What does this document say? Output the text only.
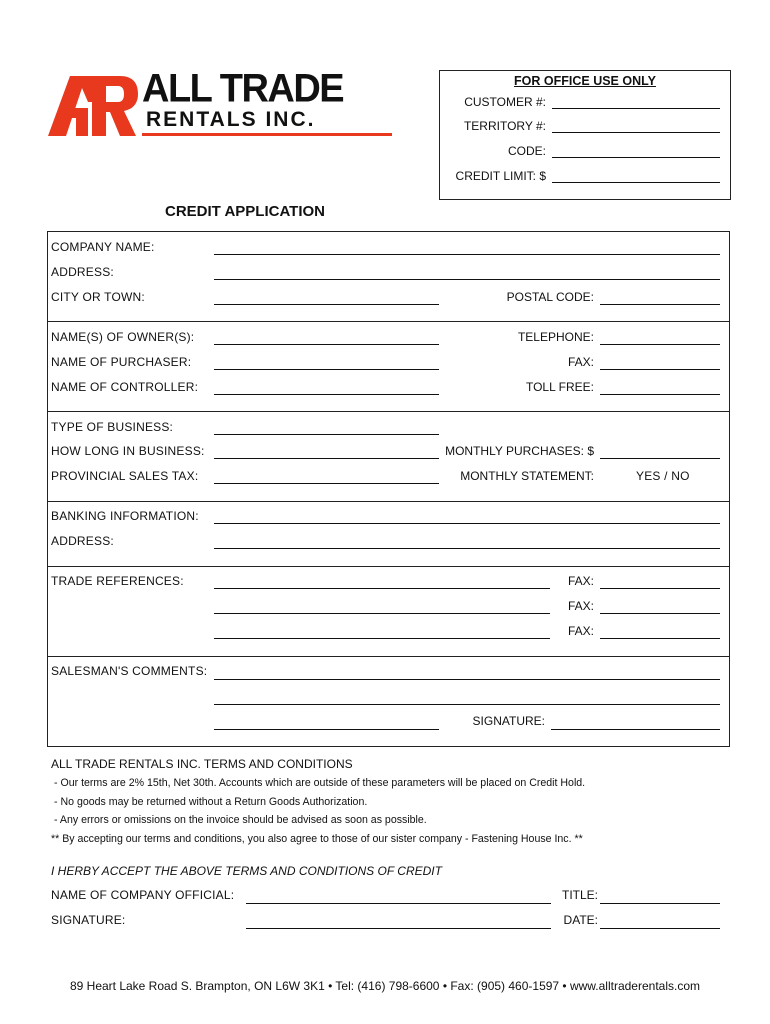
ALL TRADE
RENTALS INC.
FOR OFFICE USE ONLY
CUSTOMER #:
TERRITORY #:
CODE:
CREDIT LIMIT: $
CREDIT APPLICATION
COMPANY NAME:
ADDRESS:
CITY OR TOWN:	POSTAL CODE:
NAME(S) OF OWNER(S):	TELEPHONE:
NAME OF PURCHASER:	FAX:
NAME OF CONTROLLER:	TOLL FREE:
TYPE OF BUSINESS:
HOW LONG IN BUSINESS:	MONTHLY PURCHASES: $
PROVINCIAL SALES TAX:	MONTHLY STATEMENT:	YES / NO
BANKING INFORMATION:
ADDRESS:
TRADE REFERENCES:	FAX:
FAX:
FAX:
SALESMAN'S COMMENTS:
SIGNATURE:
ALL TRADE RENTALS INC. TERMS AND CONDITIONS
- Our terms are 2% 15th, Net 30th. Accounts which are outside of these parameters will be placed on Credit Hold.
- No goods may be returned without a Return Goods Authorization.
- Any errors or omissions on the invoice should be advised as soon as possible.
** By accepting our terms and conditions, you also agree to those of our sister company - Fastening House Inc. **
I HERBY ACCEPT THE ABOVE TERMS AND CONDITIONS OF CREDIT
NAME OF COMPANY OFFICIAL:	TITLE:
SIGNATURE:	DATE:
89 Heart Lake Road S. Brampton, ON L6W 3K1 • Tel: (416) 798-6600 • Fax: (905) 460-1597 • www.alltraderentals.com
